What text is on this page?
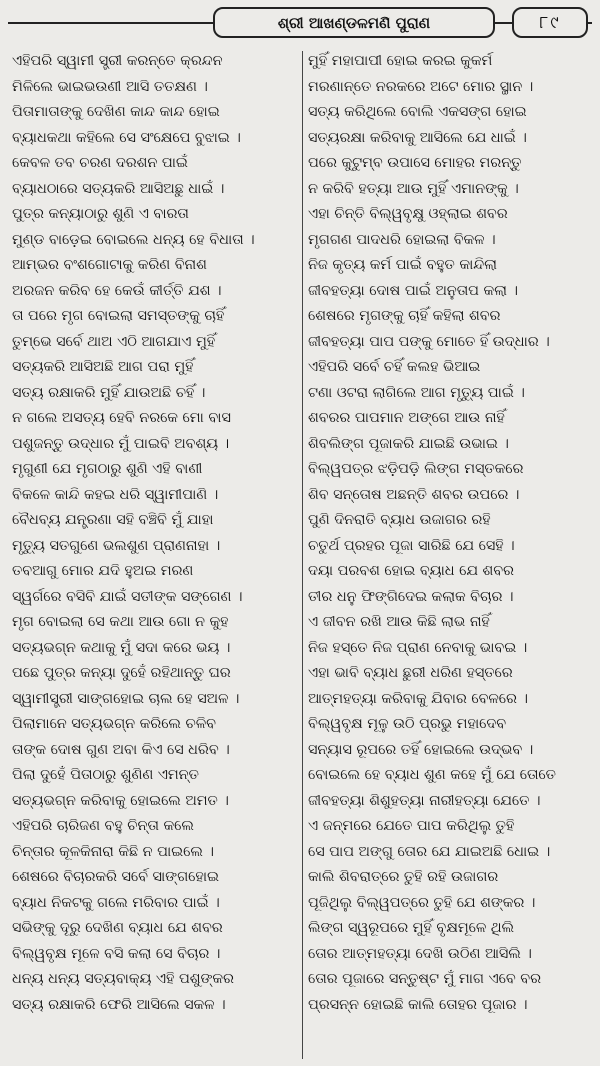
ଶ୍ରୀ ଆଖଣ୍ଡଳମଣି ପୁରାଣ	୮୯
ଏହିପରି ସ୍ୱାମୀ ସ୍ତ୍ରୀ କରନ୍ତେ କ୍ରନ୍ଦନ
ମିଳିଲେ ଭାଇଭଉଣୀ ଆସି ତତକ୍ଷଣ ।
ପିତାମାତାଙ୍କୁ ଦେଖିଣ କାନ୍ଦ କାନ୍ଦ ହୋଇ
ବ୍ୟାଧକଥା କହିଲେ ସେ ସଂକ୍ଷେପେ ବୁଝାଇ ।
କେବଳ ତବ ଚରଣ ଦରଶନ ପାଇଁ
ବ୍ୟାଧଠାରେ ସତ୍ୟକରି ଆସିଅଛୁ ଧାଇଁ ।
ପୁତ୍ର କନ୍ୟାଠାରୁ ଶୁଣି ଏ ବାରତା
ମୁଣ୍ଡ ବାଡ଼େଇ ବୋଇଲେ ଧନ୍ୟ ହେ ବିଧାତା ।
ଆମ୍ଭର ବଂଶଗୋଟାକୁ କରିଣ ବିନାଶ
ଅରଜନ କରିବ ହେ କେଉଁ କୀର୍ତ୍ତି ଯଶ ।
ତା ପରେ ମୃଗ ବୋଇଲା ସମସ୍ତଙ୍କୁ ଚାହିଁ
ତୁମ୍ଭେ ସର୍ବେ ଥାଅ ଏଠି ଆଗଯାଏ ମୁହିଁ
ସତ୍ୟକରି ଆସିଅଛି ଆଗ ପରା ମୁହିଁ
ସତ୍ୟ ରକ୍ଷାକରି ମୁହିଁ ଯାଉଅଛି ଚହିଁ ।
ନ ଗଲେ ଅସତ୍ୟ ହେବି ନରକେ ମୋ ବାସ
ପଶୁଜନ୍ତୁ ଉଦ୍ଧାର ମୁଁ ପାଇବି ଅବଶ୍ୟ ।
ମୃଗୁଣୀ ଯେ ମୃଗଠାରୁ ଶୁଣି ଏହି ବାଣୀ
ବିକଳେ କାନ୍ଦି କହଇ ଧରି ସ୍ୱାମୀପାଣି ।
ବୈଧବ୍ୟ ଯନ୍ତ୍ରଣା ସହି ବଞ୍ଚିବି ମୁଁ ଯାହା
ମୃତ୍ୟୁ ସତଗୁଣେ ଭଲଶୁଣ ପ୍ରାଣନାହା ।
ତବଆଗୁ ମୋର ଯଦି ହୁଅଇ ମରଣ
ସ୍ୱର୍ଗରେ ବସିବି ଯାଇଁ ସତୀଙ୍କ ସଙ୍ଗେଣ ।
ମୃଗ ବୋଇଲା ସେ କଥା ଆଉ ଗୋ ନ କୁହ
ସତ୍ୟଭଗ୍ନ କଥାକୁ ମୁଁ ସଦା କରେ ଭୟ ।
ପଛେ ପୁତ୍ର କନ୍ୟା ଦୁହେଁ ରହିଥାନ୍ତୁ ଘର
ସ୍ୱାମୀସ୍ତ୍ରୀ ସାଙ୍ଗହୋଇ ଚାଲ ହେ ସଅଳ ।
ପିଲାମାନେ ସତ୍ୟଭଗ୍ନ କରିଲେ ଚଳିବ
ତାଙ୍କ ଦୋଷ ଗୁଣ ଅବା କିଏ ସେ ଧରିବ ।
ପିଲା ଦୁହେଁ ପିତାଠାରୁ ଶୁଣିଣ ଏମନ୍ତ
ସତ୍ୟଭଗ୍ନ କରିବାକୁ ହୋଇଲେ ଅମତ ।
ଏହିପରି ଚାରିଜଣ ବହୁ ଚିନ୍ତା କଲେ
ଚିନ୍ତାର କୂଳକିନାରା କିଛି ନ ପାଇଲେ ।
ଶେଷରେ ବିଚାରକରି ସର୍ବେ ସାଙ୍ଗହୋଇ
ବ୍ୟାଧ ନିକଟକୁ ଗଲେ ମରିବାର ପାଇଁ ।
ସଭିଙ୍କୁ ଦୂରୁ ଦେଖିଣ ବ୍ୟାଧ ଯେ ଶବର
ବିଲ୍ୱବୃକ୍ଷ ମୂଳେ ବସି କଲା ସେ ବିଚାର ।
ଧନ୍ୟ ଧନ୍ୟ ସତ୍ୟବାକ୍ୟ ଏହି ପଶୁଙ୍କର
ସତ୍ୟ ରକ୍ଷାକରି ଫେରି ଆସିଲେ ସକଳ ।
ମୁହିଁ ମହାପାପୀ ହୋଇ କରଇ କୁକର୍ମ
ମରଣାନ୍ତେ ନରକରେ ଅଟେ ମୋର ସ୍ଥାନ ।
ସତ୍ୟ କରିଥିଲେ ବୋଲି ଏକସଙ୍ଗ ହୋଇ
ସତ୍ୟରକ୍ଷା କରିବାକୁ ଆସିଲେ ଯେ ଧାଇଁ ।
ପରେ କୁଟୁମ୍ବ ଉପାସେ ମୋହର ମରନ୍ତୁ
ନ କରିବି ହତ୍ୟା ଆଉ ମୁହିଁ ଏମାନଙ୍କୁ ।
ଏହା ଚିନ୍ତି ବିଲ୍ୱବୃକ୍ଷୁ ଓହ୍ଲାଇ ଶବର
ମୃଗଗଣ ପାଦଧରି ହୋଇଲା ବିକଳ ।
ନିଜ କୃତ୍ୟ କର୍ମ ପାଇଁ ବହୁତ କାନ୍ଦିଲା
ଜୀବହତ୍ୟା ଦୋଷ ପାଇଁ ଅନୁତାପ କଲା ।
ଶେଷରେ ମୃଗଙ୍କୁ ଚାହିଁ କହିଲା ଶବର
ଜୀବହତ୍ୟା ପାପ ପଙ୍କୁ ମୋତେ ହିଁ ଉଦ୍ଧାର ।
ଏହିପରି ସର୍ବେ ଚହିଁ କଲହ ଭିଆଇ
ଟଣା ଓଟରା ଲାଗିଲେ ଆଗ ମୃତ୍ୟୁ ପାଇଁ ।
ଶବରର ପାପମାନ ଅଙ୍ଗେ ଆଉ ନାହିଁ
ଶିବଲିଙ୍ଗ ପୂଜାକରି ଯାଇଛି ଉଭାଇ ।
ବିଲ୍ୱପତ୍ର ଝଡ଼ିପଡ଼ି ଲିଙ୍ଗ ମସ୍ତକରେ
ଶିବ ସନ୍ତୋଷ ଅଛନ୍ତି ଶବର ଉପରେ ।
ପୁଣି ଦିନରାତି ବ୍ୟାଧ ଉଜାଗର ରହି
ଚତୁର୍ଥ ପ୍ରହର ପୂଜା ସାରିଛି ଯେ ସେହି ।
ଦୟା ପରବଶ ହୋଇ ବ୍ୟାଧ ଯେ ଶବର
ତୀର ଧନୁ ଫିଙ୍ଗିଦେଇ କଲାକ ବିଚାର ।
ଏ ଜୀବନ ରଖି ଆଉ କିଛି ଲାଭ ନାହିଁ
ନିଜ ହସ୍ତେ ନିଜ ପ୍ରାଣ ନେବାକୁ ଭାବଇ ।
ଏହା ଭାବି ବ୍ୟାଧ ଛୁରୀ ଧରିଣ ହସ୍ତରେ
ଆତ୍ମହତ୍ୟା କରିବାକୁ ଯିବାର ବେଳରେ ।
ବିଲ୍ୱବୃକ୍ଷ ମୂଳୁ ଉଠି ପ୍ରଭୁ ମହାଦେବ
ସନ୍ୟାସ ରୂପରେ ତହିଁ ହୋଇଲେ ଉଦ୍ଭବ ।
ବୋଇଲେ ହେ ବ୍ୟାଧ ଶୁଣ କହେ ମୁଁ ଯେ ତୋତେ
ଜୀବହତ୍ୟା ଶିଶୁହତ୍ୟା ନାରୀହତ୍ୟା ଯେତେ ।
ଏ ଜନ୍ମରେ ଯେତେ ପାପ କରିଥିଲୁ ତୁହି
ସେ ପାପ ଅଙ୍ଗୁ ତୋର ଯେ ଯାଇଅଛି ଧୋଇ ।
କାଲି ଶିବରାତ୍ରେ ତୁହି ରହି ଉଜାଗର
ପୂଜିଥିଲୁ ବିଲ୍ୱପତ୍ରେ ତୁହି ଯେ ଶଙ୍କର ।
ଲିଙ୍ଗ ସ୍ୱରୂପରେ ମୁହିଁ ବୃକ୍ଷମୂଳେ ଥିଲି
ତୋର ଆତ୍ମହତ୍ୟା ଦେଖି ଉଠିଣ ଆସିଲି ।
ତୋର ପୂଜାରେ ସନ୍ତୁଷ୍ଟ ମୁଁ ମାଗ ଏବେ ବର
ପ୍ରସନ୍ନ ହୋଇଛି କାଲି ତୋହର ପୂଜାର ।
